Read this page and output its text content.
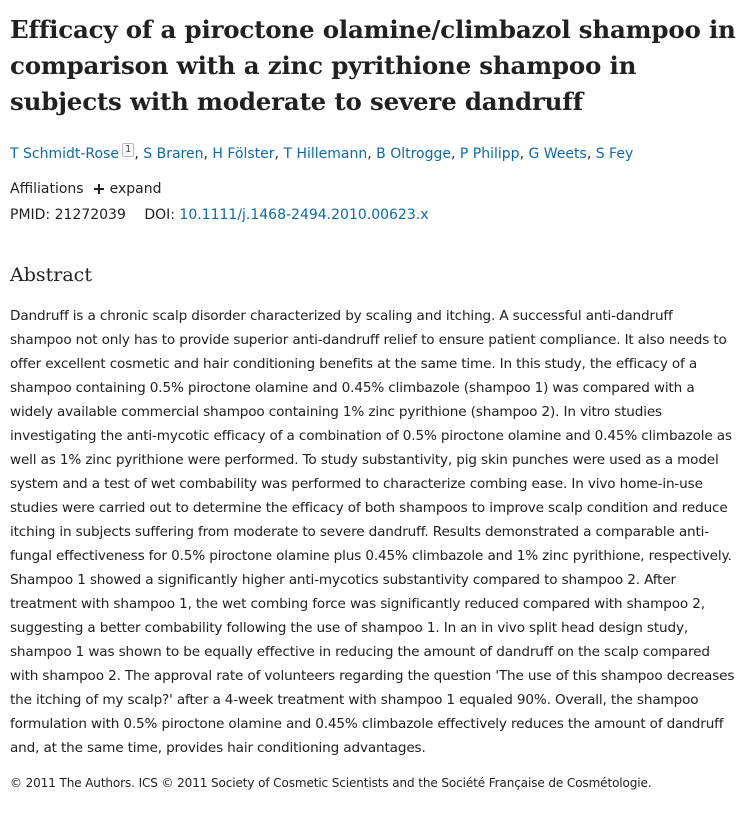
Efficacy of a piroctone olamine/climbazol shampoo in comparison with a zinc pyrithione shampoo in subjects with moderate to severe dandruff
T Schmidt-Rose $^1$ , S Braren, H Fölster, T Hillemann, B Oltrogge, P Philipp, G Weets, S Fey
Affiliations expand
PMID: 21272039 DOI: 10.1111/j.1468-2494.2010.00623.x
Abstract

Dandruff is a chronic scalp disorder characterized by scaling and itching. A successful anti-dandruff shampoo not only has to provide superior anti-dandruff relief to ensure patient compliance. It also needs to offer excellent cosmetic and hair conditioning benefits at the same time. In this study, the efficacy of a shampoo containing 0.5% piroctone olamine and 0.45% climbazole (shampoo 1) was compared with a widely available commercial shampoo containing 1% zinc pyrithione (shampoo 2). In vitro studies investigating the anti-mycotic efficacy of a combination of 0.5% piroctone olamine and 0.45% climbazole as well as 1% zinc pyrithione were performed. To study substantivity, pig skin punches were used as a model system and a test of wet combability was performed to characterize combing ease. In vivo home-in-use studies were carried out to determine the efficacy of both shampoos to improve scalp condition and reduce itching in subjects suffering from moderate to severe dandruff. Results demonstrated a comparable anti-fungal effectiveness for 0.5% piroctone olamine plus 0.45% climbazole and 1% zinc pyrithione, respectively. Shampoo 1 showed a significantly higher anti-mycotics substantivity compared to shampoo 2. After treatment with shampoo 1, the wet combing force was significantly reduced compared with shampoo 2, suggesting a better combability following the use of shampoo 1. In an in vivo split head design study, shampoo 1 was shown to be equally effective in reducing the amount of dandruff on the scalp compared with shampoo 2. The approval rate of volunteers regarding the question 'The use of this shampoo decreases the itching of my scalp?' after a 4-week treatment with shampoo 1 equaled 90%. Overall, the shampoo formulation with 0.5% piroctone olamine and 0.45% climbazole effectively reduces the amount of dandruff and, at the same time, provides hair conditioning advantages.

© 2011 The Authors. ICS © 2011 Society of Cosmetic Scientists and the Société Française de Cosmétologie.
